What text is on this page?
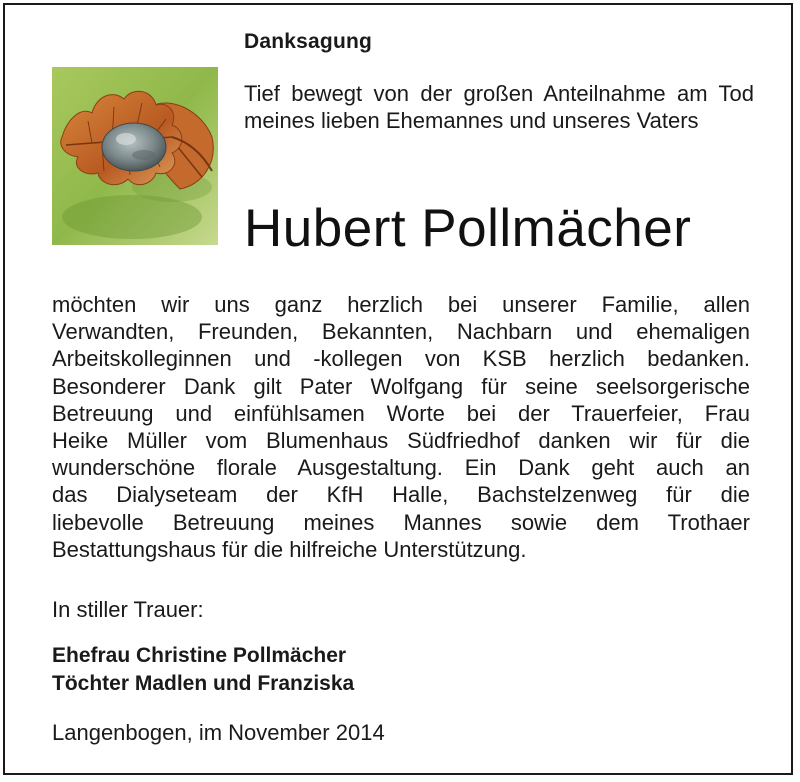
Danksagung
Tief bewegt von der großen Anteilnahme am Tod meines lieben Ehemannes und unseres Vaters
Hubert Pollmächer
möchten wir uns ganz herzlich bei unserer Familie, allen
Verwandten, Freunden, Bekannten, Nachbarn und ehemaligen
Arbeitskolleginnen und -kollegen von KSB herzlich bedanken.
Besonderer Dank gilt Pater Wolfgang für seine seelsorgerische
Betreuung und einfühlsamen Worte bei der Trauerfeier, Frau
Heike Müller vom Blumenhaus Südfriedhof danken wir für die
wunderschöne florale Ausgestaltung. Ein Dank geht auch an
das Dialyseteam der KfH Halle, Bachstelzenweg für die
liebevolle Betreuung meines Mannes sowie dem Trothaer
Bestattungshaus für die hilfreiche Unterstützung.
In stiller Trauer:
Ehefrau Christine Pollmächer
Töchter Madlen und Franziska
Langenbogen, im November 2014
